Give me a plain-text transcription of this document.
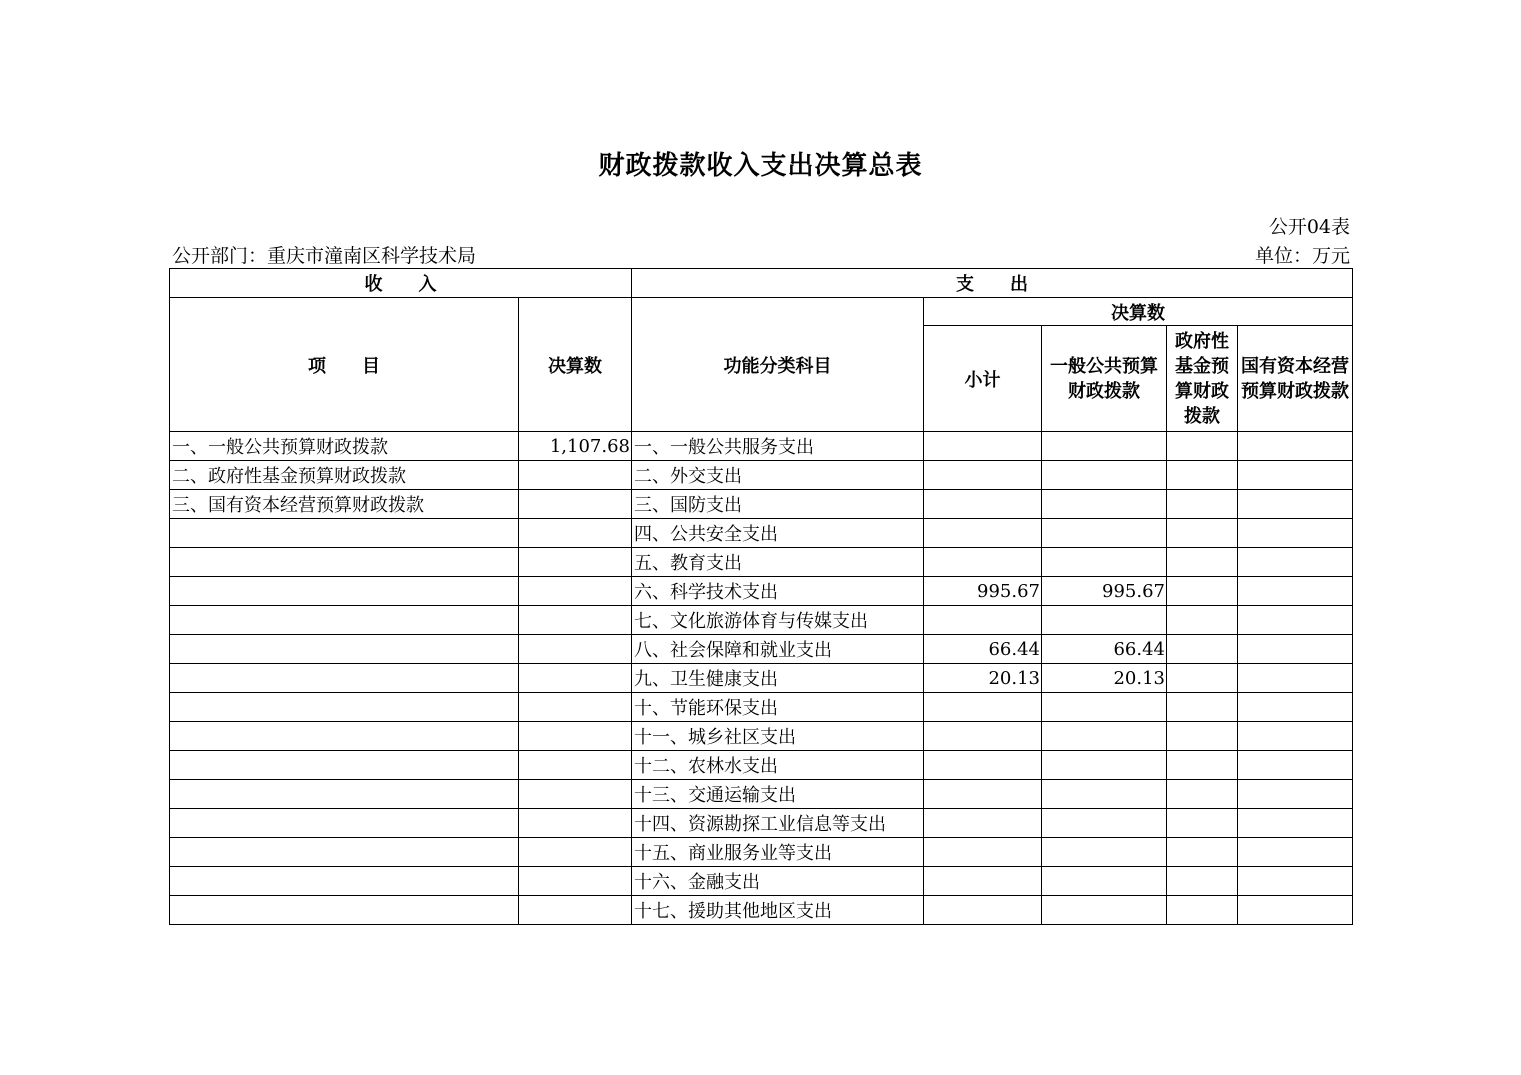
财政拨款收入支出决算总表
公开04表
公开部门：重庆市潼南区科学技术局	单位：万元
收　　入		支　　出				
项　　目	决算数	功能分类科目	决算数			
			小计	一般公共预算财政拨款	政府性基金预算财政拨款	国有资本经营预算财政拨款
一、一般公共预算财政拨款	1,107.68	一、一般公共服务支出				
二、政府性基金预算财政拨款		二、外交支出				
三、国有资本经营预算财政拨款		三、国防支出				
		四、公共安全支出				
		五、教育支出				
		六、科学技术支出	995.67	995.67		
		七、文化旅游体育与传媒支出				
		八、社会保障和就业支出	66.44	66.44		
		九、卫生健康支出	20.13	20.13		
		十、节能环保支出				
		十一、城乡社区支出				
		十二、农林水支出				
		十三、交通运输支出				
		十四、资源勘探工业信息等支出				
		十五、商业服务业等支出				
		十六、金融支出				
		十七、援助其他地区支出				
